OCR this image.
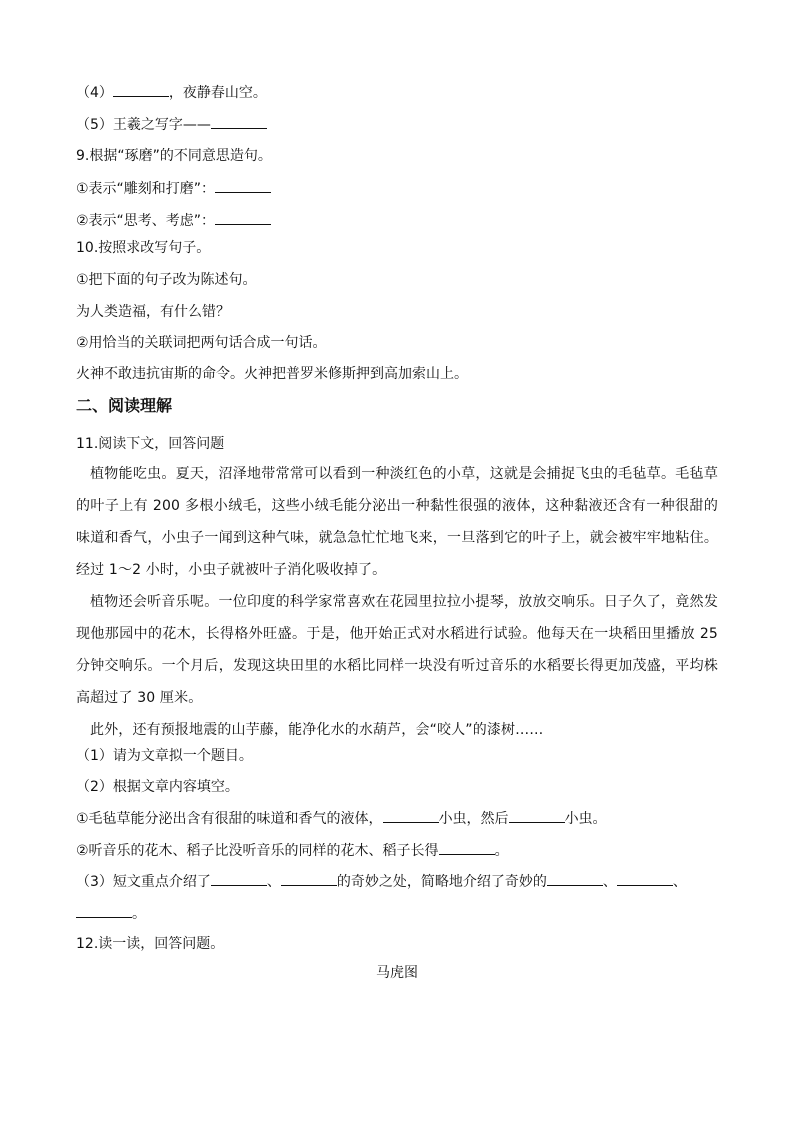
（4）	，夜静春山空。
（5）王羲之写字——
9.根据“琢磨”的不同意思造句。
①表示“雕刻和打磨”：
②表示“思考、考虑”：
10.按照求改写句子。
①把下面的句子改为陈述句。
为人类造福，有什么错？
②用恰当的关联词把两句话合成一句话。
火神不敢违抗宙斯的命令。火神把普罗米修斯押到高加索山上。
二、阅读理解
11.阅读下文，回答问题
植物能吃虫。夏天，沼泽地带常常可以看到一种淡红色的小草，这就是会捕捉飞虫的毛毡草。毛毡草的叶子上有 200 多根小绒毛，这些小绒毛能分泌出一种黏性很强的液体，这种黏液还含有一种很甜的味道和香气，小虫子一闻到这种气味，就急急忙忙地飞来，一旦落到它的叶子上，就会被牢牢地粘住。经过 1～2 小时，小虫子就被叶子消化吸收掉了。
植物还会听音乐呢。一位印度的科学家常喜欢在花园里拉拉小提琴，放放交响乐。日子久了，竟然发现他那园中的花木，长得格外旺盛。于是，他开始正式对水稻进行试验。他每天在一块稻田里播放 25 分钟交响乐。一个月后，发现这块田里的水稻比同样一块没有听过音乐的水稻要长得更加茂盛，平均株高超过了 30 厘米。
此外，还有预报地震的山芋藤，能净化水的水葫芦，会“咬人”的漆树……
（1）请为文章拟一个题目。
（2）根据文章内容填空。
①毛毡草能分泌出含有很甜的味道和香气的液体，	小虫，然后	小虫。
②听音乐的花木、稻子比没听音乐的同样的花木、稻子长得	。
（3）短文重点介绍了	、	的奇妙之处，简略地介绍了奇妙的	、	、
。
12.读一读，回答问题。
马虎图
